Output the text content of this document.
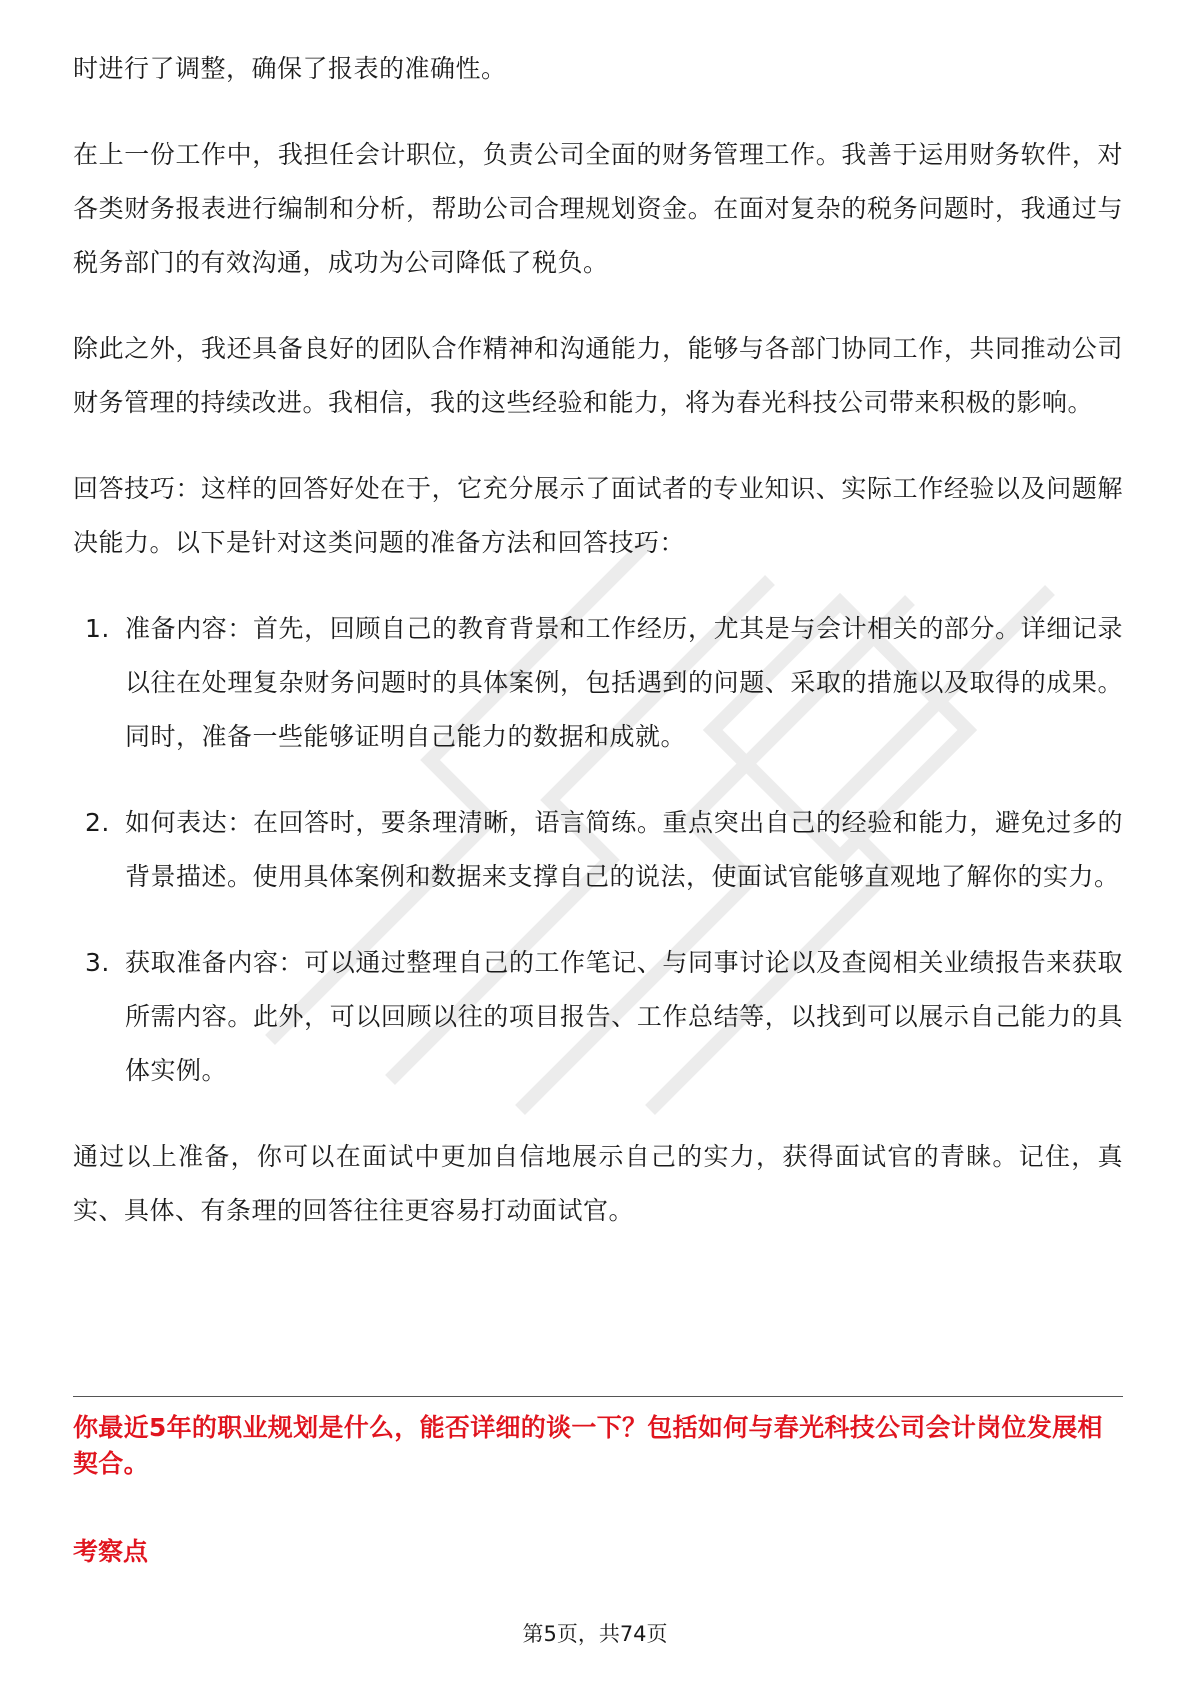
时进行了调整，确保了报表的准确性。

在上一份工作中，我担任会计职位，负责公司全面的财务管理工作。我善于运用财务软件，对各类财务报表进行编制和分析，帮助公司合理规划资金。在面对复杂的税务问题时，我通过与税务部门的有效沟通，成功为公司降低了税负。

除此之外，我还具备良好的团队合作精神和沟通能力，能够与各部门协同工作，共同推动公司财务管理的持续改进。我相信，我的这些经验和能力，将为春光科技公司带来积极的影响。

回答技巧：这样的回答好处在于，它充分展示了面试者的专业知识、实际工作经验以及问题解决能力。以下是针对这类问题的准备方法和回答技巧：

1. 准备内容：首先，回顾自己的教育背景和工作经历，尤其是与会计相关的部分。详细记录以往在处理复杂财务问题时的具体案例，包括遇到的问题、采取的措施以及取得的成果。同时，准备一些能够证明自己能力的数据和成就。
2. 如何表达：在回答时，要条理清晰，语言简练。重点突出自己的经验和能力，避免过多的背景描述。使用具体案例和数据来支撑自己的说法，使面试官能够直观地了解你的实力。
3. 获取准备内容：可以通过整理自己的工作笔记、与同事讨论以及查阅相关业绩报告来获取所需内容。此外，可以回顾以往的项目报告、工作总结等，以找到可以展示自己能力的具体实例。

通过以上准备，你可以在面试中更加自信地展示自己的实力，获得面试官的青睐。记住，真实、具体、有条理的回答往往更容易打动面试官。

你最近5年的职业规划是什么，能否详细的谈一下？包括如何与春光科技公司会计岗位发展相契合。
考察点
第5页，共74页
